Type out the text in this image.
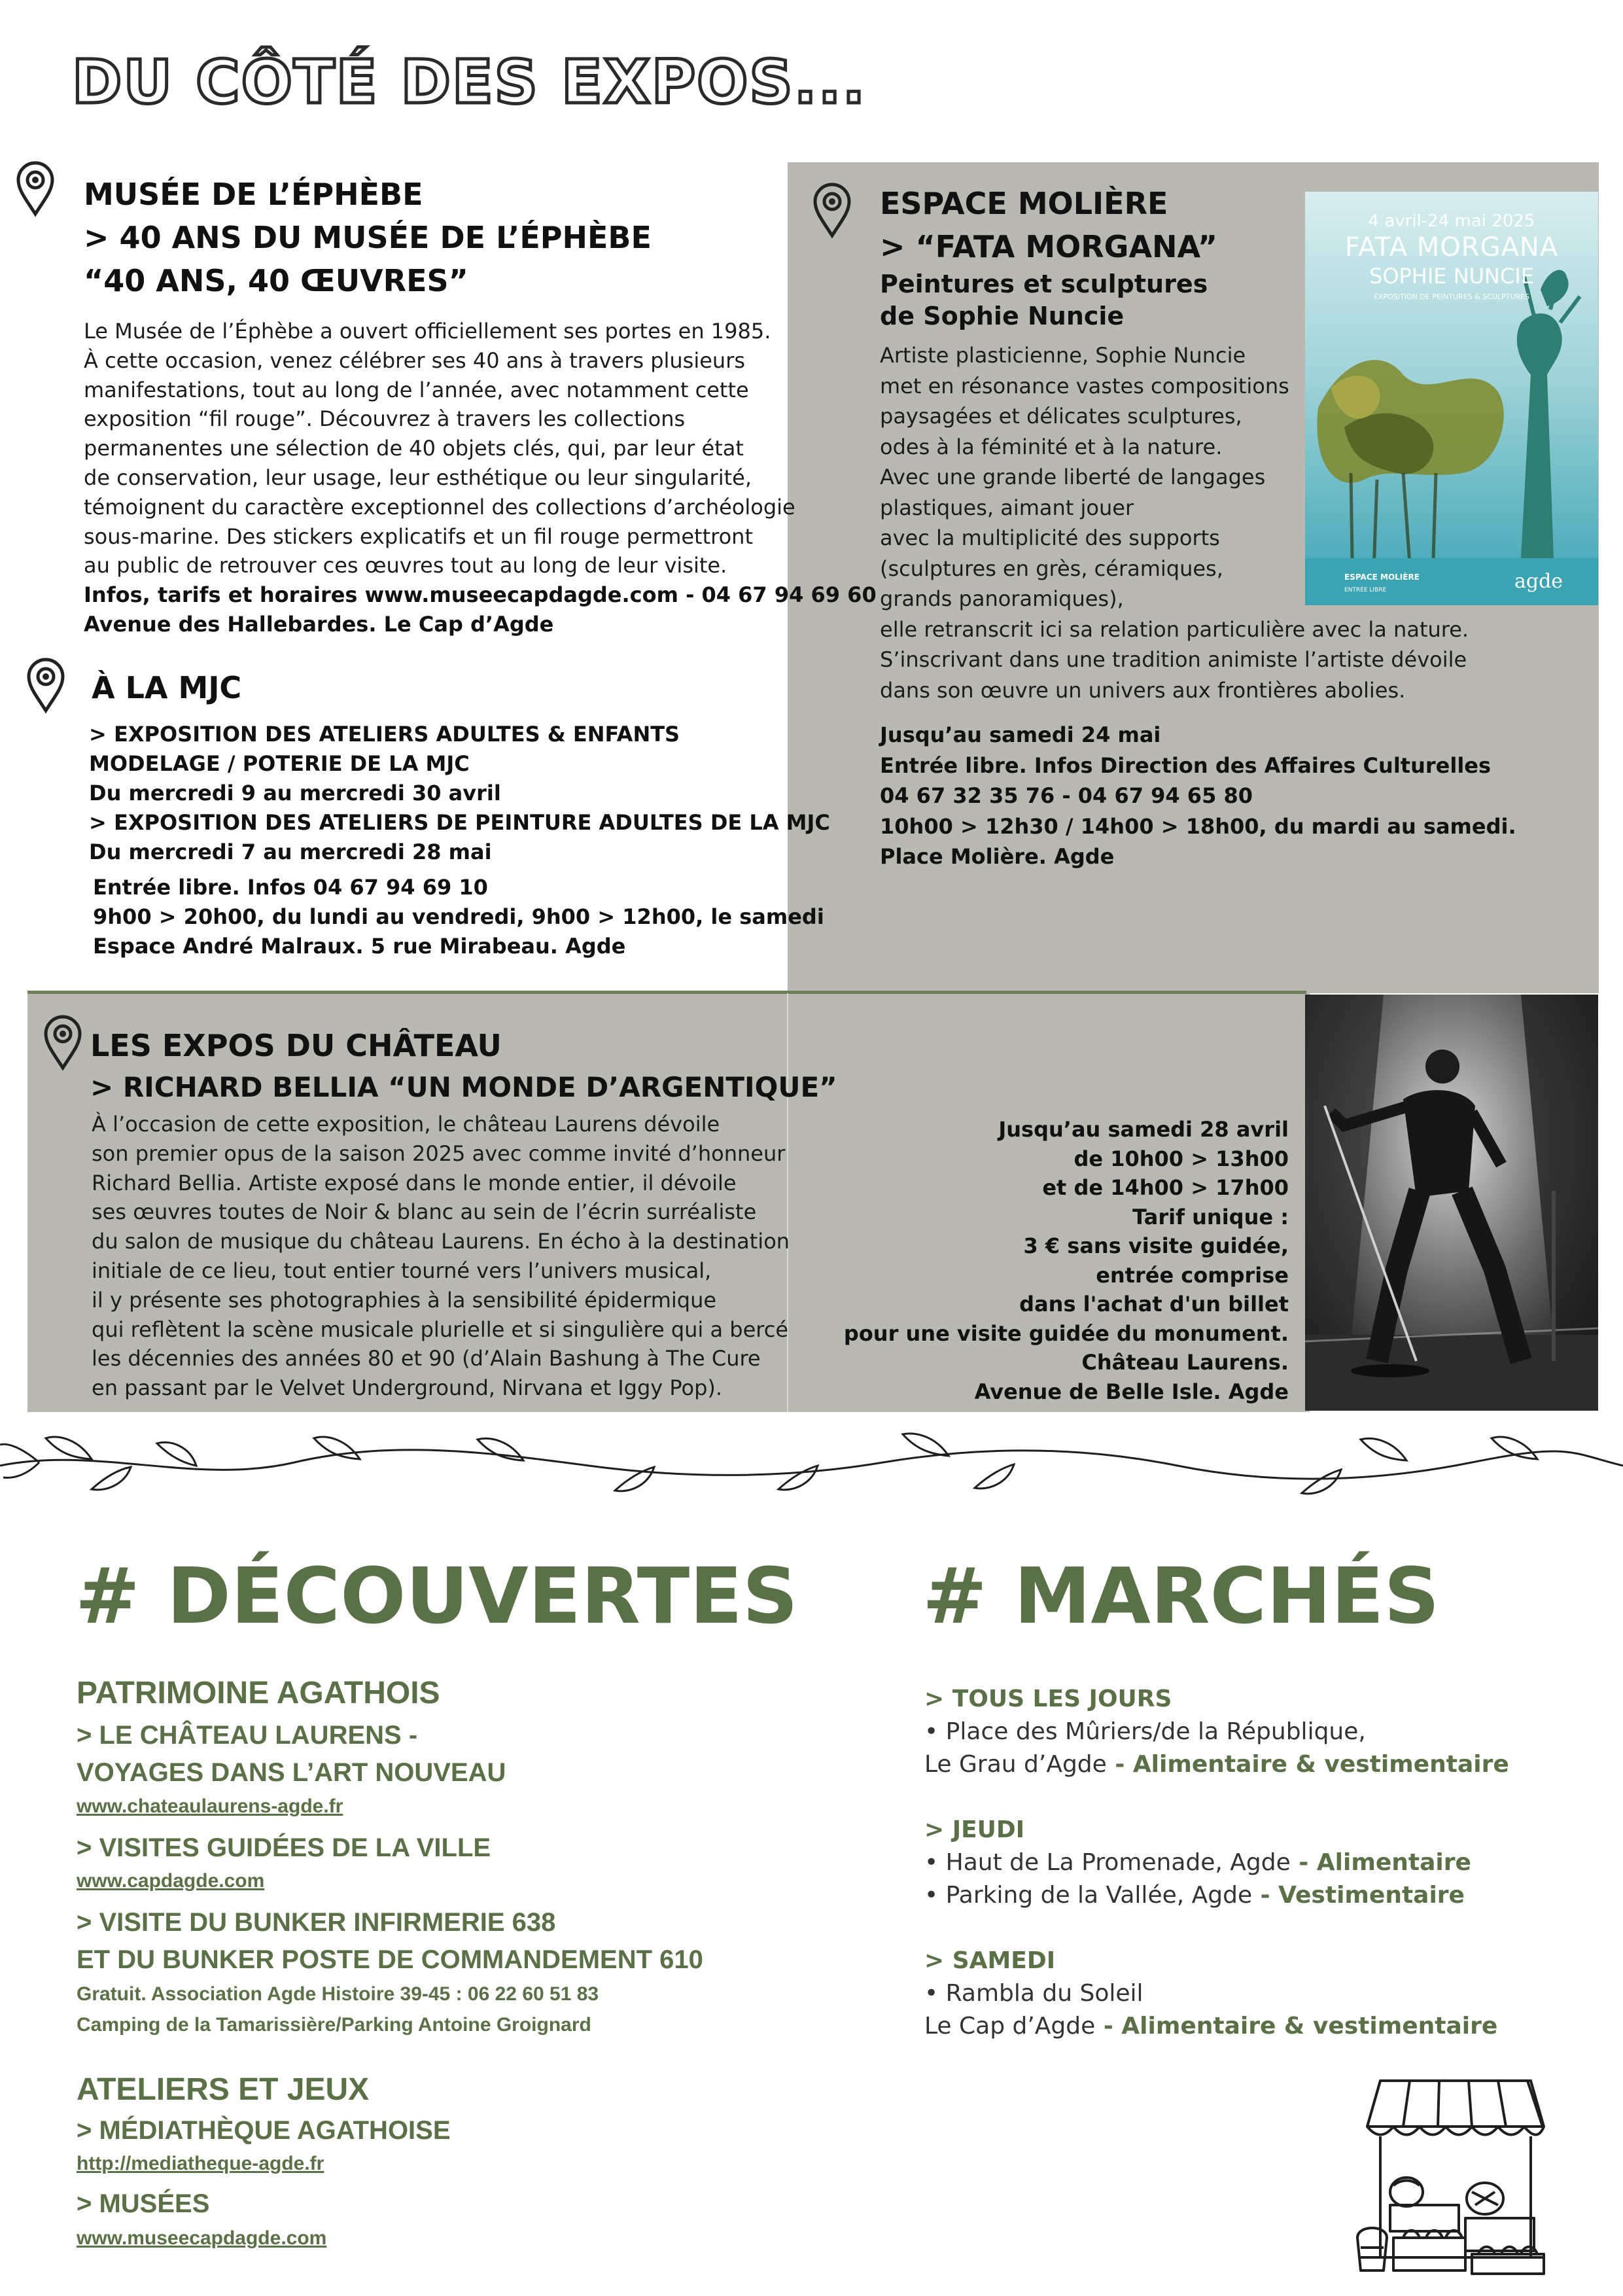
DU CÔTÉ DES EXPOS...
MUSÉE DE L’ÉPHÈBE
> 40 ANS DU MUSÉE DE L’ÉPHÈBE
“40 ANS, 40 ŒUVRES”
Le Musée de l’Éphèbe a ouvert officiellement ses portes en 1985.
À cette occasion, venez célébrer ses 40 ans à travers plusieurs
manifestations, tout au long de l’année, avec notamment cette
exposition “fil rouge”. Découvrez à travers les collections
permanentes une sélection de 40 objets clés, qui, par leur état
de conservation, leur usage, leur esthétique ou leur singularité,
témoignent du caractère exceptionnel des collections d’archéologie
sous-marine. Des stickers explicatifs et un fil rouge permettront
au public de retrouver ces œuvres tout au long de leur visite.
Infos, tarifs et horaires www.museecapdagde.com - 04 67 94 69 60
Avenue des Hallebardes. Le Cap d’Agde
À LA MJC
> EXPOSITION DES ATELIERS ADULTES & ENFANTS
MODELAGE / POTERIE DE LA MJC
Du mercredi 9 au mercredi 30 avril
> EXPOSITION DES ATELIERS DE PEINTURE ADULTES DE LA MJC
Du mercredi 7 au mercredi 28 mai
Entrée libre. Infos 04 67 94 69 10
9h00 > 20h00, du lundi au vendredi, 9h00 > 12h00, le samedi
Espace André Malraux. 5 rue Mirabeau. Agde
ESPACE MOLIÈRE
> “FATA MORGANA”
Peintures et sculptures
de Sophie Nuncie
Artiste plasticienne, Sophie Nuncie
met en résonance vastes compositions
paysagées et délicates sculptures,
odes à la féminité et à la nature.
Avec une grande liberté de langages
plastiques, aimant jouer
avec la multiplicité des supports
(sculptures en grès, céramiques,
grands panoramiques),
elle retranscrit ici sa relation particulière avec la nature.
S’inscrivant dans une tradition animiste l’artiste dévoile
dans son œuvre un univers aux frontières abolies.
Jusqu’au samedi 24 mai
Entrée libre. Infos Direction des Affaires Culturelles
04 67 32 35 76 - 04 67 94 65 80
10h00 > 12h30 / 14h00 > 18h00, du mardi au samedi.
Place Molière. Agde
4 avril-24 mai 2025
FATA MORGANA
SOPHIE NUNCIE
EXPOSITION DE PEINTURES & SCULPTURES
ESPACE MOLIÈRE
ENTRÉE LIBRE	agde
LES EXPOS DU CHÂTEAU
> RICHARD BELLIA “UN MONDE D’ARGENTIQUE”
À l’occasion de cette exposition, le château Laurens dévoile
son premier opus de la saison 2025 avec comme invité d’honneur
Richard Bellia. Artiste exposé dans le monde entier, il dévoile
ses œuvres toutes de Noir & blanc au sein de l’écrin surréaliste
du salon de musique du château Laurens. En écho à la destination
initiale de ce lieu, tout entier tourné vers l’univers musical,
il y présente ses photographies à la sensibilité épidermique
qui reflètent la scène musicale plurielle et si singulière qui a bercé
les décennies des années 80 et 90 (d’Alain Bashung à The Cure
en passant par le Velvet Underground, Nirvana et Iggy Pop).
Jusqu’au samedi 28 avril
de 10h00 > 13h00
et de 14h00 > 17h00
Tarif unique :
3 € sans visite guidée,
entrée comprise
dans l'achat d'un billet
pour une visite guidée du monument.
Château Laurens.
Avenue de Belle Isle. Agde
# DÉCOUVERTES
PATRIMOINE AGATHOIS
> LE CHÂTEAU LAURENS -
VOYAGES DANS L’ART NOUVEAU
www.chateaulaurens-agde.fr
> VISITES GUIDÉES DE LA VILLE
www.capdagde.com
> VISITE DU BUNKER INFIRMERIE 638
ET DU BUNKER POSTE DE COMMANDEMENT 610
Gratuit. Association Agde Histoire 39-45 : 06 22 60 51 83
Camping de la Tamarissière/Parking Antoine Groignard
ATELIERS ET JEUX
> MÉDIATHÈQUE AGATHOISE
http://mediatheque-agde.fr
> MUSÉES
www.museecapdagde.com
# MARCHÉS
> TOUS LES JOURS
• Place des Mûriers/de la République,
Le Grau d’Agde - Alimentaire & vestimentaire
> JEUDI
• Haut de La Promenade, Agde - Alimentaire
• Parking de la Vallée, Agde - Vestimentaire
> SAMEDI
• Rambla du Soleil
Le Cap d’Agde - Alimentaire & vestimentaire
